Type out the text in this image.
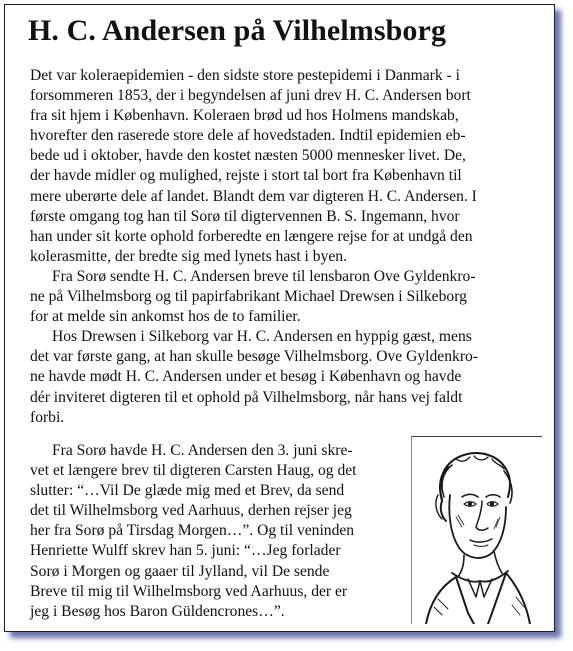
H. C. Andersen på Vilhelmsborg
Det var koleraepidemien - den sidste store pestepidemi i Danmark - i
forsommeren 1853, der i begyndelsen af juni drev H. C. Andersen bort
fra sit hjem i København. Koleraen brød ud hos Holmens mandskab,
hvorefter den raserede store dele af hovedstaden. Indtil epidemien eb-
bede ud i oktober, havde den kostet næsten 5000 mennesker livet. De,
der havde midler og mulighed, rejste i stort tal bort fra København til
mere uberørte dele af landet. Blandt dem var digteren H. C. Andersen. I
første omgang tog han til Sorø til digtervennen B. S. Ingemann, hvor
han under sit korte ophold forberedte en længere rejse for at undgå den
kolerasmitte, der bredte sig med lynets hast i byen.
Fra Sorø sendte H. C. Andersen breve til lensbaron Ove Gyldenkro-
ne på Vilhelmsborg og til papirfabrikant Michael Drewsen i Silkeborg
for at melde sin ankomst hos de to familier.
Hos Drewsen i Silkeborg var H. C. Andersen en hyppig gæst, mens
det var første gang, at han skulle besøge Vilhelmsborg. Ove Gyldenkro-
ne havde mødt H. C. Andersen under et besøg i København og havde
dér inviteret digteren til et ophold på Vilhelmsborg, når hans vej faldt
forbi.
Fra Sorø havde H. C. Andersen den 3. juni skre-
vet et længere brev til digteren Carsten Haug, og det
slutter: “…Vil De glæde mig med et Brev, da send
det til Wilhelmsborg ved Aarhuus, derhen rejser jeg
her fra Sorø på Tirsdag Morgen…”. Og til veninden
Henriette Wulff skrev han 5. juni: “…Jeg forlader
Sorø i Morgen og gaaer til Jylland, vil De sende
Breve til mig til Wilhelmsborg ved Aarhuus, der er
jeg i Besøg hos Baron Güldencrones…”.
